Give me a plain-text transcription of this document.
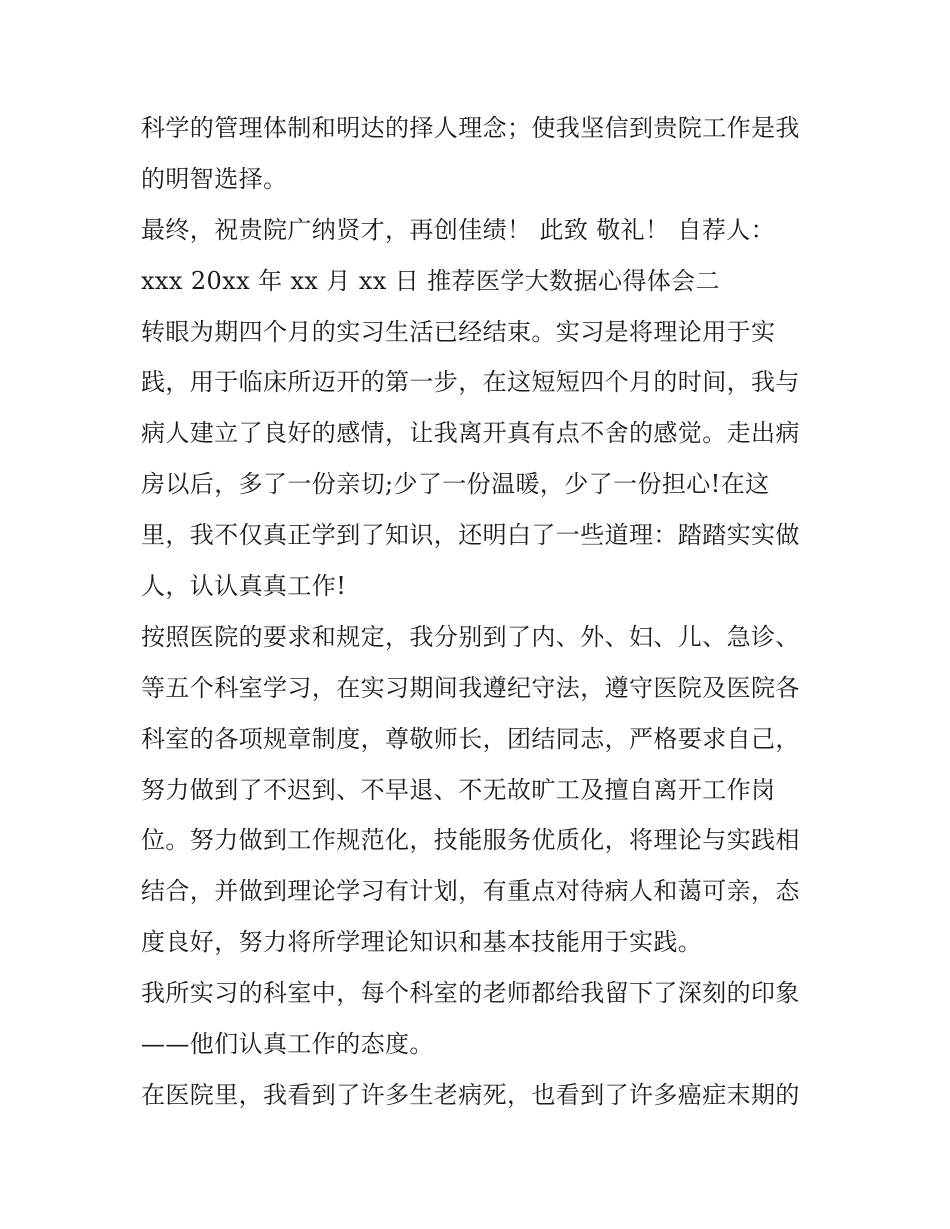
科学的管理体制和明达的择人理念；使我坚信到贵院工作是我
的明智选择。
最终，祝贵院广纳贤才，再创佳绩！ 此致 敬礼！ 自荐人：
xxx 20xx 年 xx 月 xx 日 推荐医学大数据心得体会二
转眼为期四个月的实习生活已经结束。实习是将理论用于实
践，用于临床所迈开的第一步，在这短短四个月的时间，我与
病人建立了良好的感情，让我离开真有点不舍的感觉。走出病
房以后，多了一份亲切;少了一份温暖，少了一份担心!在这
里，我不仅真正学到了知识，还明白了一些道理：踏踏实实做
人，认认真真工作!
按照医院的要求和规定，我分别到了内、外、妇、儿、急诊、
等五个科室学习，在实习期间我遵纪守法，遵守医院及医院各
科室的各项规章制度，尊敬师长，团结同志，严格要求自己，
努力做到了不迟到、不早退、不无故旷工及擅自离开工作岗
位。努力做到工作规范化，技能服务优质化，将理论与实践相
结合，并做到理论学习有计划，有重点对待病人和蔼可亲，态
度良好，努力将所学理论知识和基本技能用于实践。
我所实习的科室中，每个科室的老师都给我留下了深刻的印象
——他们认真工作的态度。
在医院里，我看到了许多生老病死，也看到了许多癌症末期的
